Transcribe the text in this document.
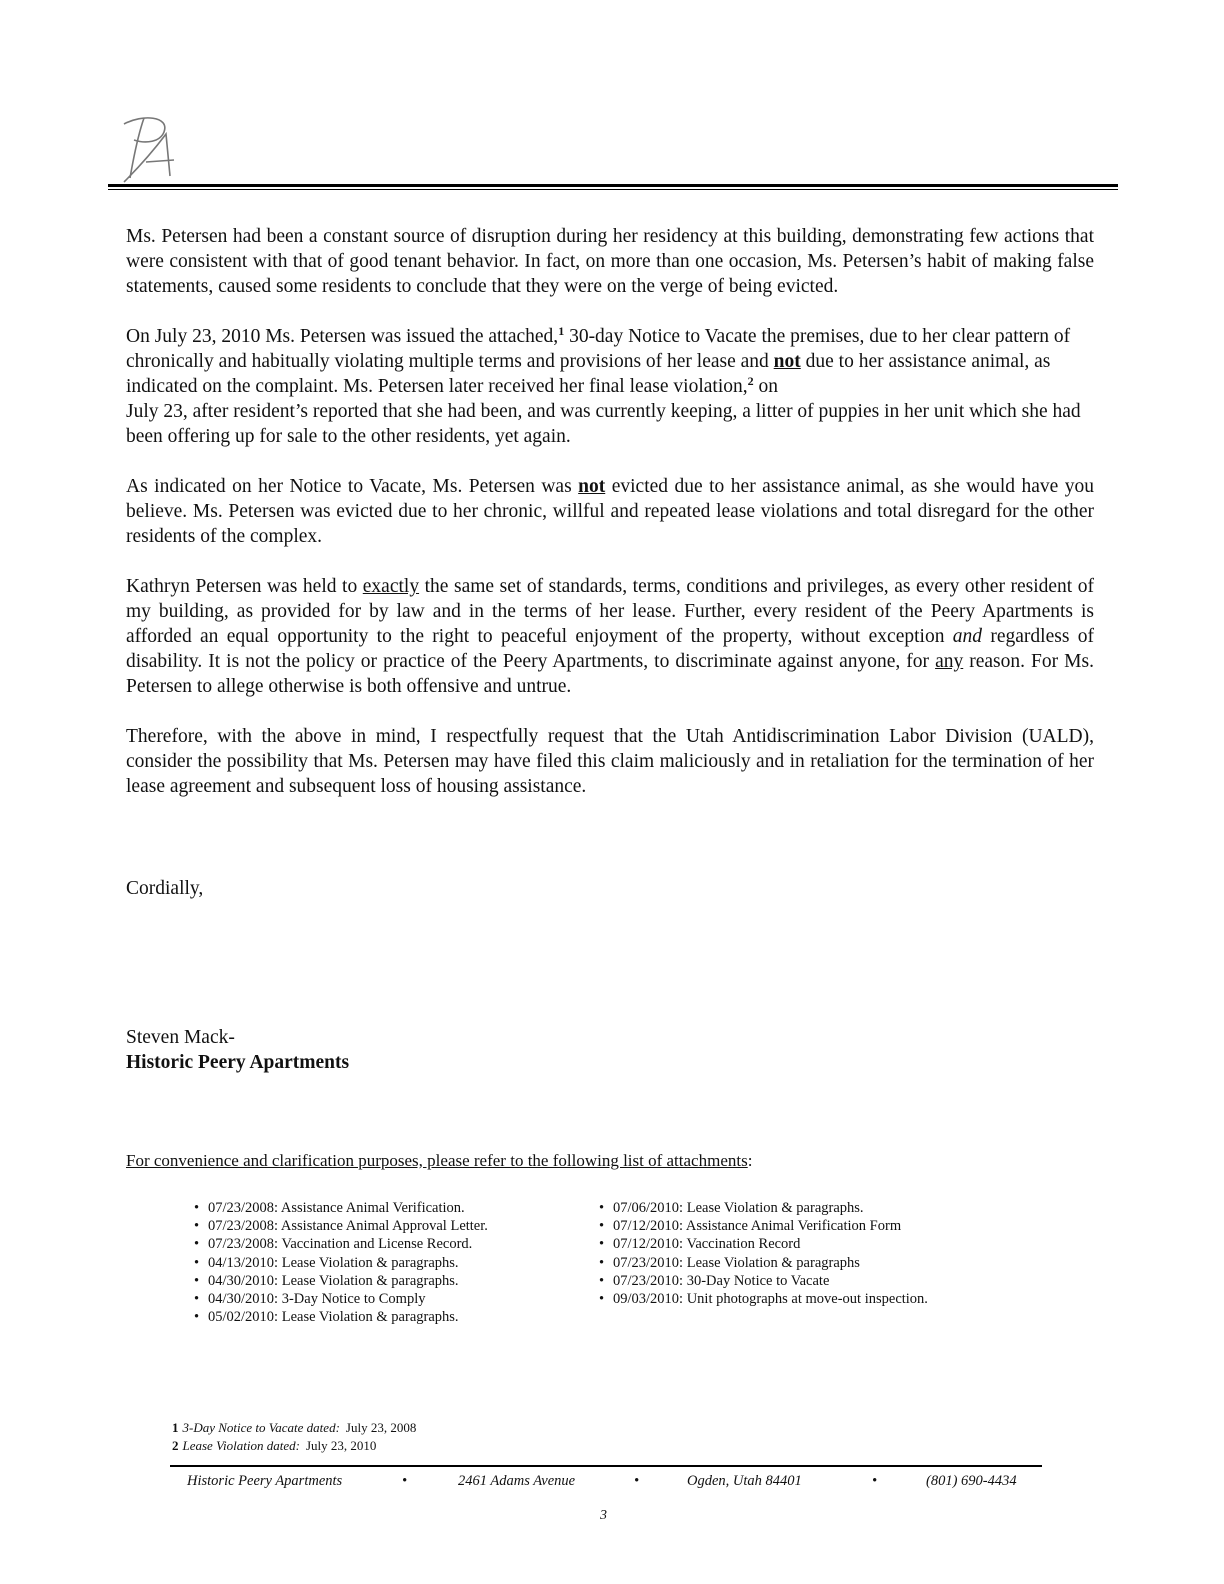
Ms. Petersen had been a constant source of disruption during her residency at this building, demonstrating few actions that were consistent with that of good tenant behavior. In fact, on more than one occasion, Ms. Petersen’s habit of making false statements, caused some residents to conclude that they were on the verge of being evicted.

On July 23, 2010 Ms. Petersen was issued the attached,$^1$ 30-day Notice to Vacate the premises, due to her clear pattern of chronically and habitually violating multiple terms and provisions of her lease and not due to her assistance animal, as indicated on the complaint. Ms. Petersen later received her final lease violation,$^2$ on
July 23, after resident’s reported that she had been, and was currently keeping, a litter of puppies in her unit which she had been offering up for sale to the other residents, yet again.

As indicated on her Notice to Vacate, Ms. Petersen was not evicted due to her assistance animal, as she would have you believe. Ms. Petersen was evicted due to her chronic, willful and repeated lease violations and total disregard for the other residents of the complex.

Kathryn Petersen was held to exactly the same set of standards, terms, conditions and privileges, as every other resident of my building, as provided for by law and in the terms of her lease. Further, every resident of the Peery Apartments is afforded an equal opportunity to the right to peaceful enjoyment of the property, without exception and regardless of disability. It is not the policy or practice of the Peery Apartments, to discriminate against anyone, for any reason. For Ms. Petersen to allege otherwise is both offensive and untrue.

Therefore, with the above in mind, I respectfully request that the Utah Antidiscrimination Labor Division (UALD), consider the possibility that Ms. Petersen may have filed this claim maliciously and in retaliation for the termination of her lease agreement and subsequent loss of housing assistance.

Cordially,
Steven Mack-
Historic Peery Apartments
For convenience and clarification purposes, please refer to the following list of attachments:
• 07/23/2008: Assistance Animal Verification.
• 07/23/2008: Assistance Animal Approval Letter.
• 07/23/2008: Vaccination and License Record.
• 04/13/2010: Lease Violation & paragraphs.
• 04/30/2010: Lease Violation & paragraphs.
• 04/30/2010: 3-Day Notice to Comply
• 05/02/2010: Lease Violation & paragraphs.
• 07/06/2010: Lease Violation & paragraphs.
• 07/12/2010: Assistance Animal Verification Form
• 07/12/2010: Vaccination Record
• 07/23/2010: Lease Violation & paragraphs
• 07/23/2010: 30-Day Notice to Vacate
• 09/03/2010: Unit photographs at move-out inspection.
1 3-Day Notice to Vacate dated: July 23, 2008
2 Lease Violation dated: July 23, 2010
Historic Peery Apartments	•	2461 Adams Avenue	•	Ogden, Utah 84401	•	(801) 690-4434
3
